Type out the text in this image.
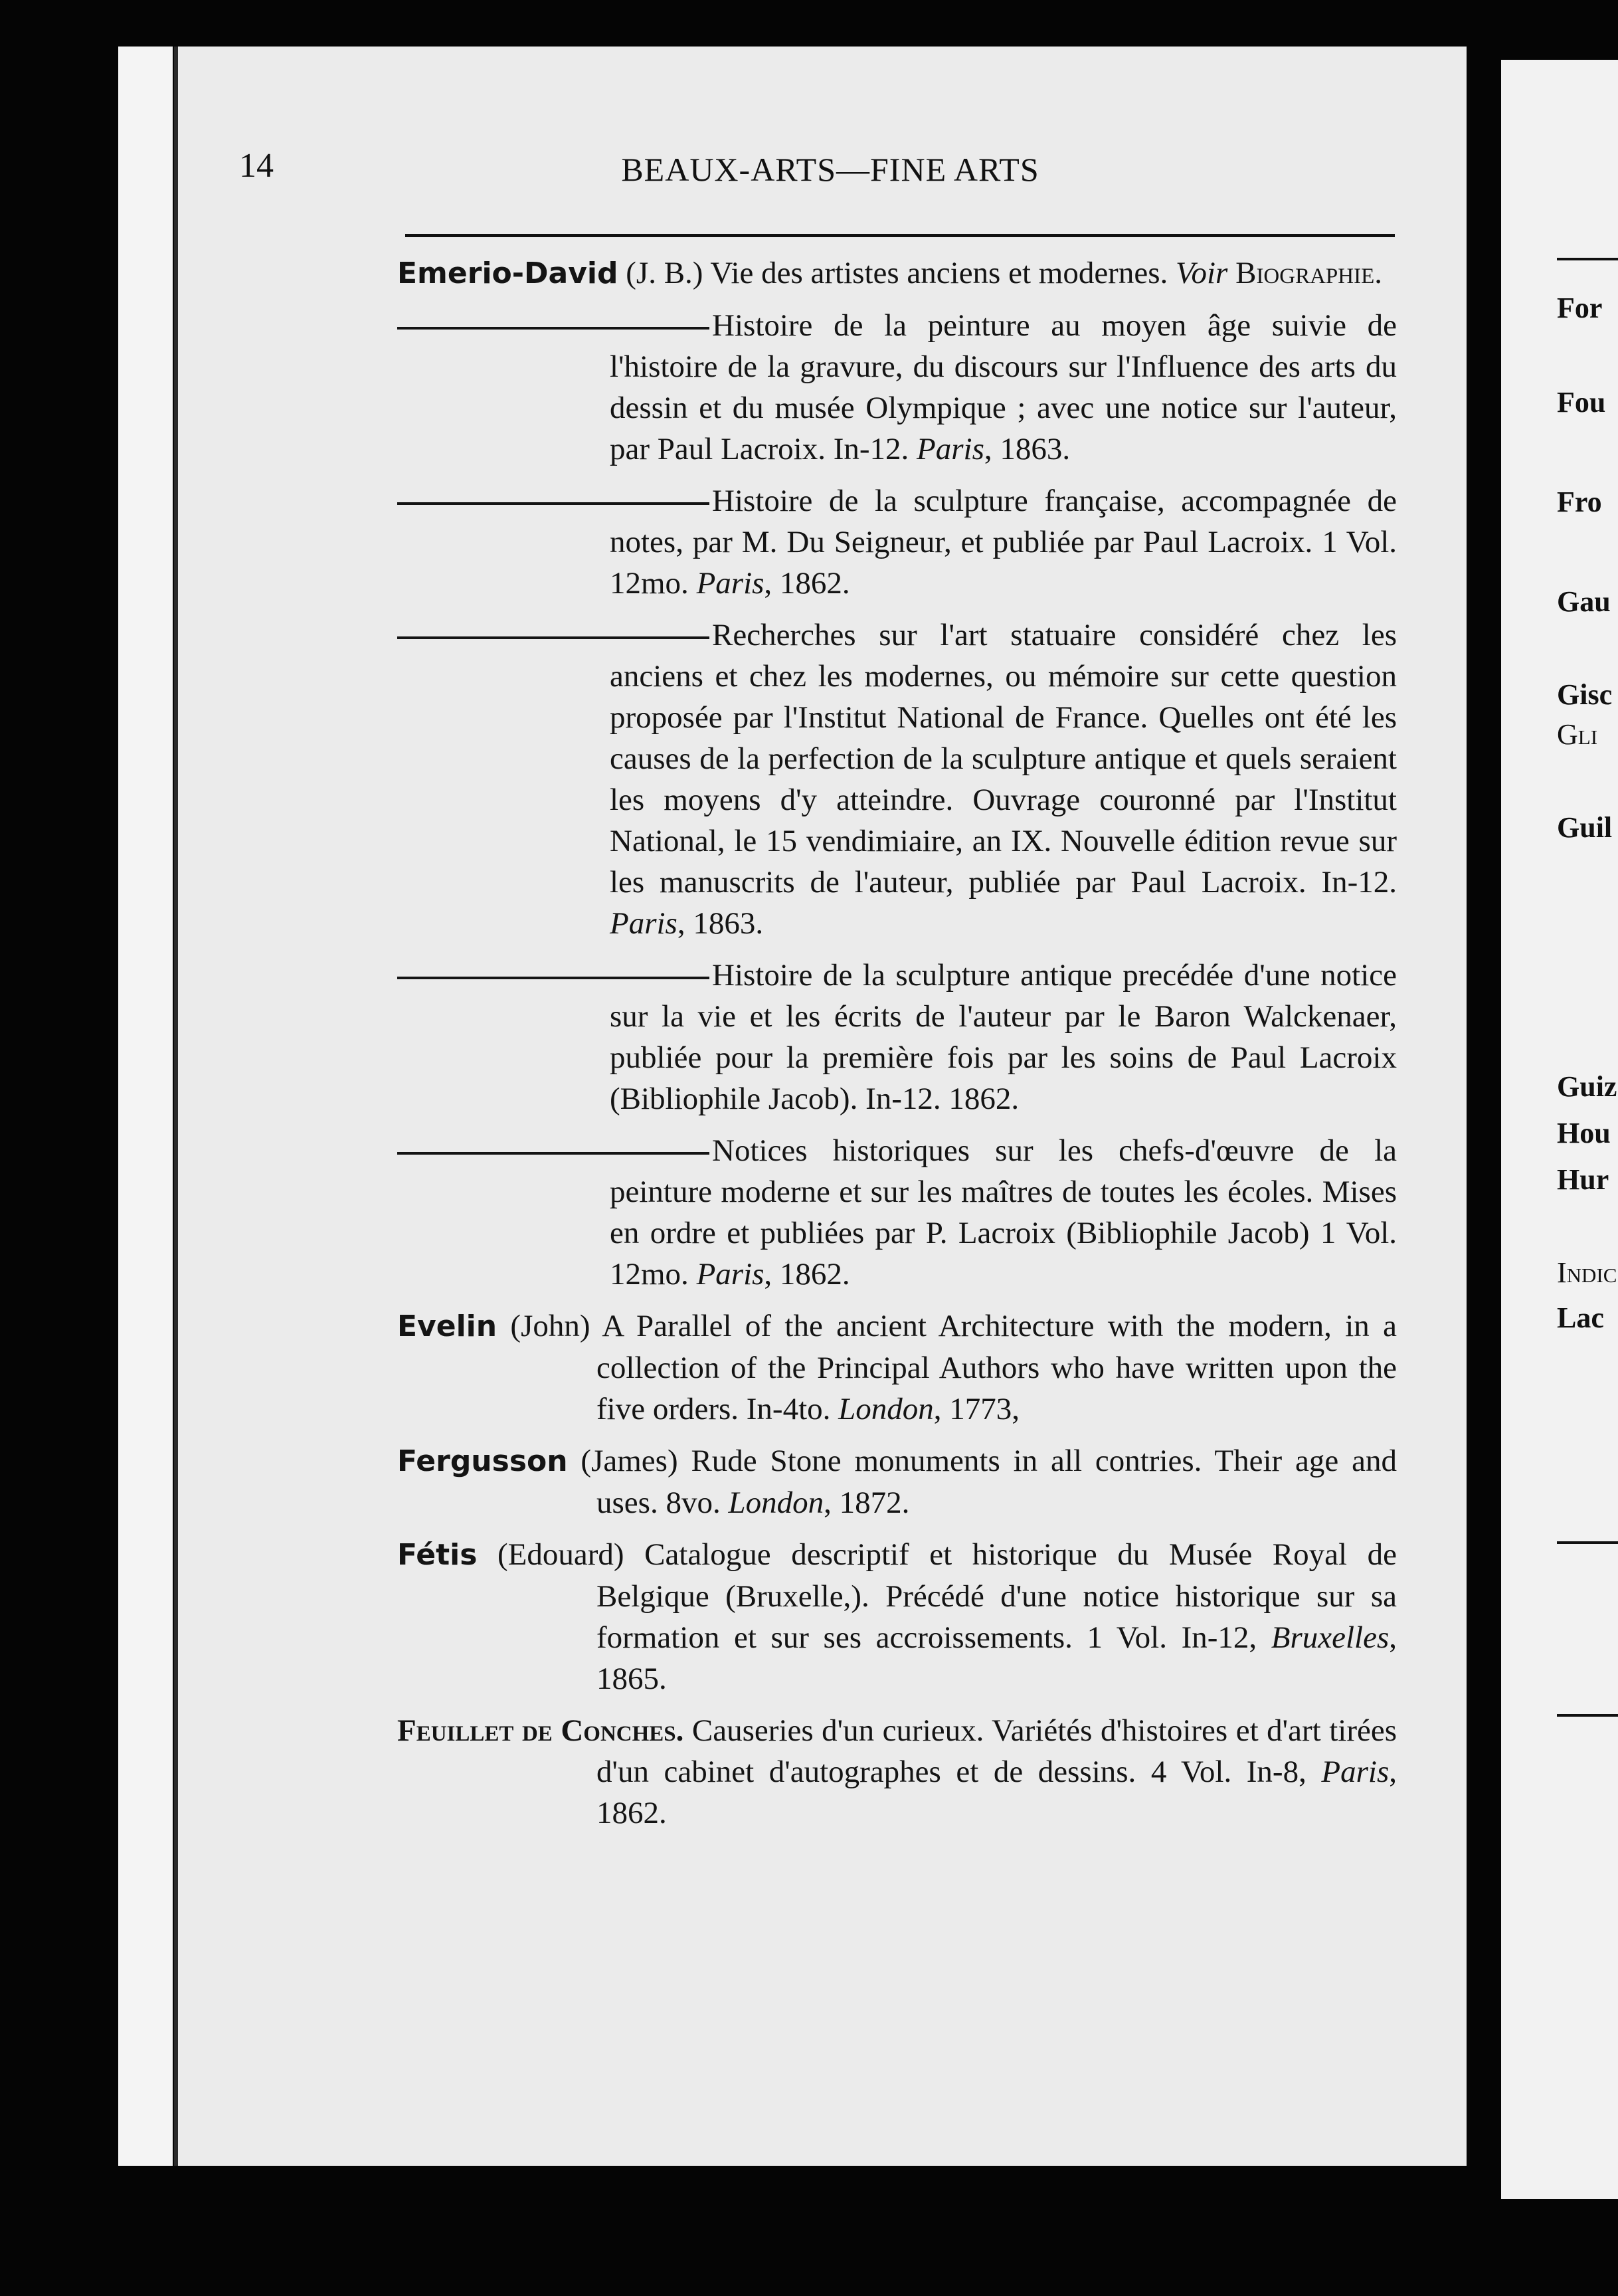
14	BEAUX-ARTS—FINE ARTS

Emerio-David (J. B.) Vie des artistes anciens et modernes. Voir Biographie.

Histoire de la peinture au moyen âge suivie de l'histoire de la gravure, du discours sur l'Influence des arts du dessin et du musée Olympique ; avec une notice sur l'auteur, par Paul Lacroix. In-12. Paris, 1863.

Histoire de la sculpture française, accompagnée de notes, par M. Du Seigneur, et publiée par Paul Lacroix. 1 Vol. 12mo. Paris, 1862.

Recherches sur l'art statuaire considéré chez les anciens et chez les modernes, ou mémoire sur cette question proposée par l'Institut National de France. Quelles ont été les causes de la perfection de la sculpture antique et quels seraient les moyens d'y atteindre. Ouvrage couronné par l'Institut National, le 15 vendimiaire, an IX. Nouvelle édition revue sur les manuscrits de l'auteur, publiée par Paul Lacroix. In-12. Paris, 1863.

Histoire de la sculpture antique precédée d'une notice sur la vie et les écrits de l'auteur par le Baron Walckenaer, publiée pour la première fois par les soins de Paul Lacroix (Bibliophile Jacob). In-12. 1862.

Notices historiques sur les chefs-d'œuvre de la peinture moderne et sur les maîtres de toutes les écoles. Mises en ordre et publiées par P. Lacroix (Bibliophile Jacob) 1 Vol. 12mo. Paris, 1862.

Evelin (John) A Parallel of the ancient Architecture with the modern, in a collection of the Principal Authors who have written upon the five orders. In-4to. London, 1773,

Fergusson (James) Rude Stone monuments in all contries. Their age and uses. 8vo. London, 1872.

Fétis (Edouard) Catalogue descriptif et historique du Musée Royal de Belgique (Bruxelle,). Précédé d'une notice historique sur sa formation et sur ses accroissements. 1 Vol. In-12, Bruxelles, 1865.

Feuillet de Conches. Causeries d'un curieux. Variétés d'histoires et d'art tirées d'un cabinet d'autographes et de dessins. 4 Vol. In-8, Paris, 1862.

For
Fou
Fro
Gau
Gisc
Gli
Guil
Guiz
Hou
Hur
Indic
Lac
